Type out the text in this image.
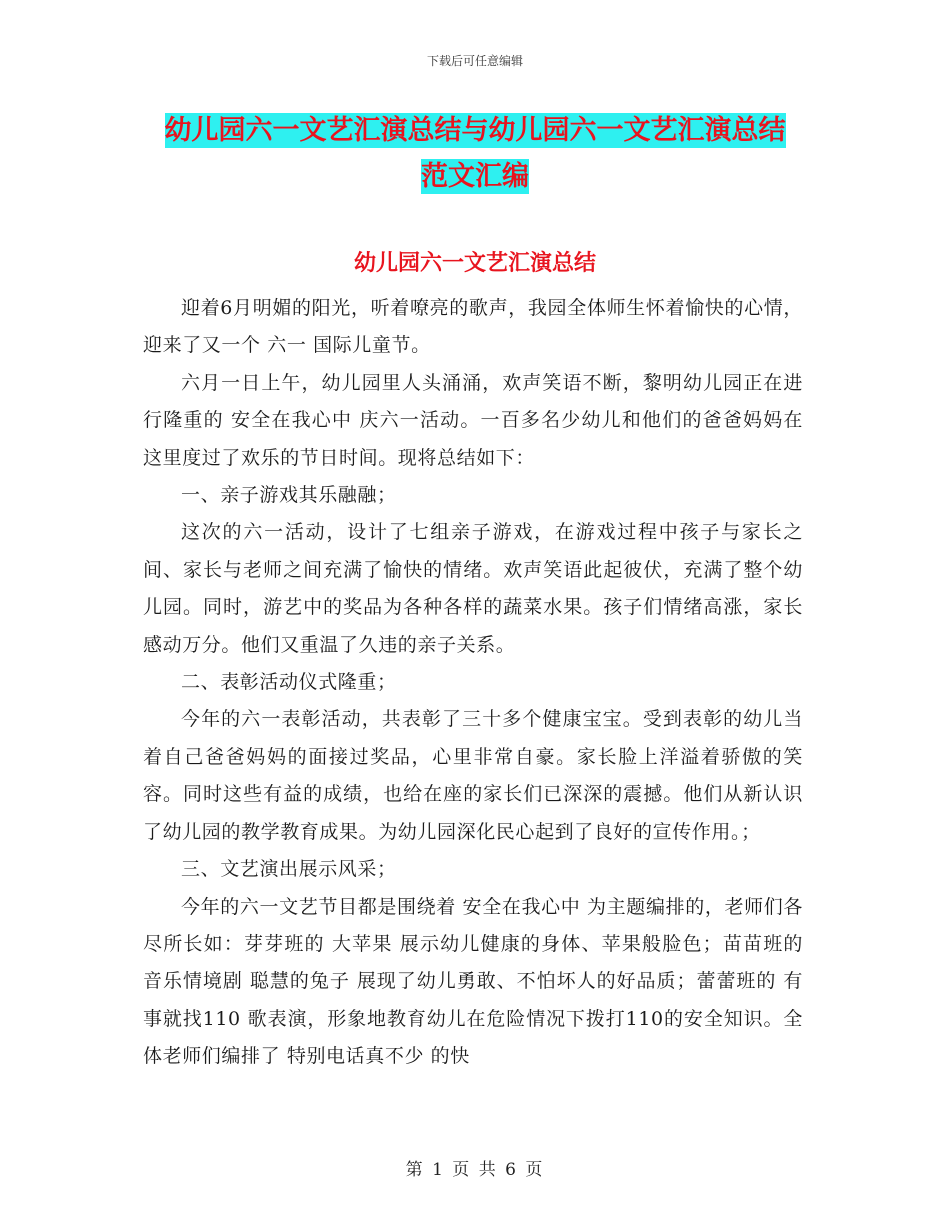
下载后可任意编辑
幼儿园六一文艺汇演总结与幼儿园六一文艺汇演总结
范文汇编
幼儿园六一文艺汇演总结

迎着6月明媚的阳光，听着嘹亮的歌声，我园全体师生怀着愉快的心情，迎来了又一个 六一 国际儿童节。

六月一日上午，幼儿园里人头涌涌，欢声笑语不断，黎明幼儿园正在进行隆重的 安全在我心中 庆六一活动。一百多名少幼儿和他们的爸爸妈妈在这里度过了欢乐的节日时间。现将总结如下：

一、亲子游戏其乐融融；

这次的六一活动，设计了七组亲子游戏，在游戏过程中孩子与家长之间、家长与老师之间充满了愉快的情绪。欢声笑语此起彼伏，充满了整个幼儿园。同时，游艺中的奖品为各种各样的蔬菜水果。孩子们情绪高涨，家长感动万分。他们又重温了久违的亲子关系。

二、表彰活动仪式隆重；

今年的六一表彰活动，共表彰了三十多个健康宝宝。受到表彰的幼儿当着自己爸爸妈妈的面接过奖品，心里非常自豪。家长脸上洋溢着骄傲的笑容。同时这些有益的成绩，也给在座的家长们已深深的震撼。他们从新认识了幼儿园的教学教育成果。为幼儿园深化民心起到了良好的宣传作用。；

三、文艺演出展示风采；

今年的六一文艺节目都是围绕着 安全在我心中 为主题编排的，老师们各尽所长如：芽芽班的 大苹果 展示幼儿健康的身体、苹果般脸色；苗苗班的音乐情境剧 聪慧的兔子 展现了幼儿勇敢、不怕坏人的好品质；蕾蕾班的 有事就找110 歌表演，形象地教育幼儿在危险情况下拨打110的安全知识。全体老师们编排了 特别电话真不少 的快

第 1 页 共 6 页
